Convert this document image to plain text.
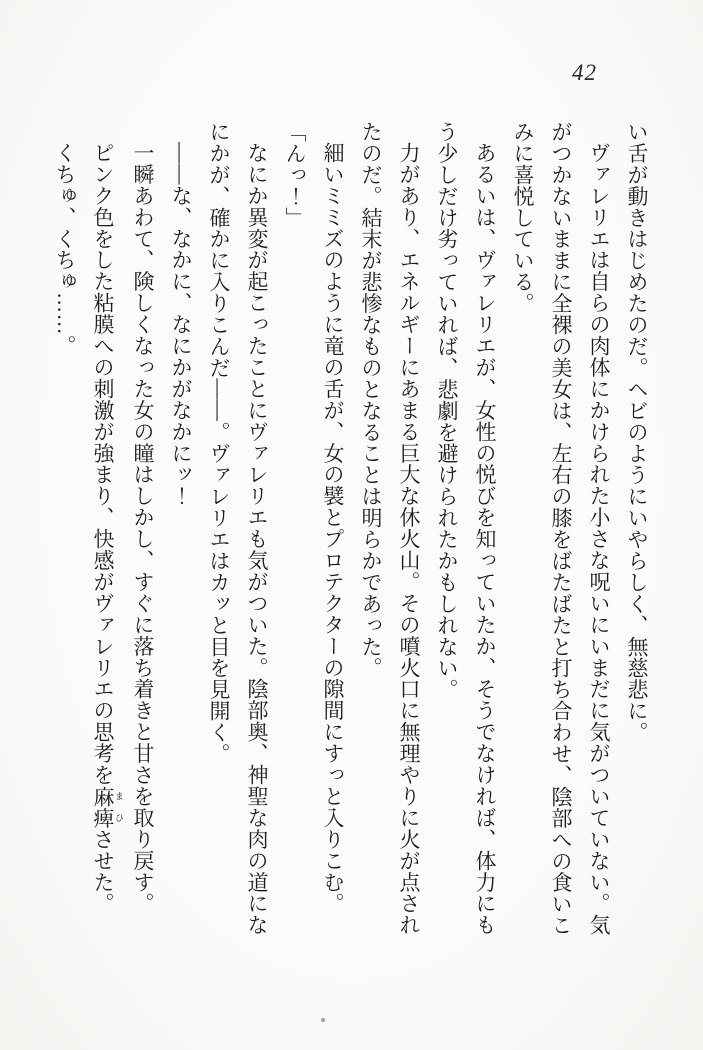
42

い舌が動きはじめたのだ。ヘビのようにいやらしく、無慈悲に。

ヴァレリエは自らの肉体にかけられた小さな呪いにいまだに気がついていない。気がつかないままに全裸の美女は、左右の膝をばたばたと打ち合わせ、陰部への食いこみに喜悦している。

あるいは、ヴァレリエが、女性の悦びを知っていたか、そうでなければ、体力にもう少しだけ劣っていれば、悲劇を避けられたかもしれない。

力があり、エネルギーにあまる巨大な休火山。その噴火口に無理やりに火が点されたのだ。結末が悲惨なものとなることは明らかであった。

細いミミズのように竜の舌が、女の襞とプロテクターの隙間にすっと入りこむ。

「んっ！」

なにか異変が起こったことにヴァレリエも気がついた。陰部奥、神聖な肉の道になにかが、確かに入りこんだ――。ヴァレリエはカッと目を見開く。

――な、なかに、なにかがなかにッ！

一瞬あわて、険しくなった女の瞳はしかし、すぐに落ち着きと甘さを取り戻す。

ピンク色をした粘膜への刺激が強まり、快感がヴァレリエの思考を麻痺 まひさせた。

くちゅ、くちゅ……。
